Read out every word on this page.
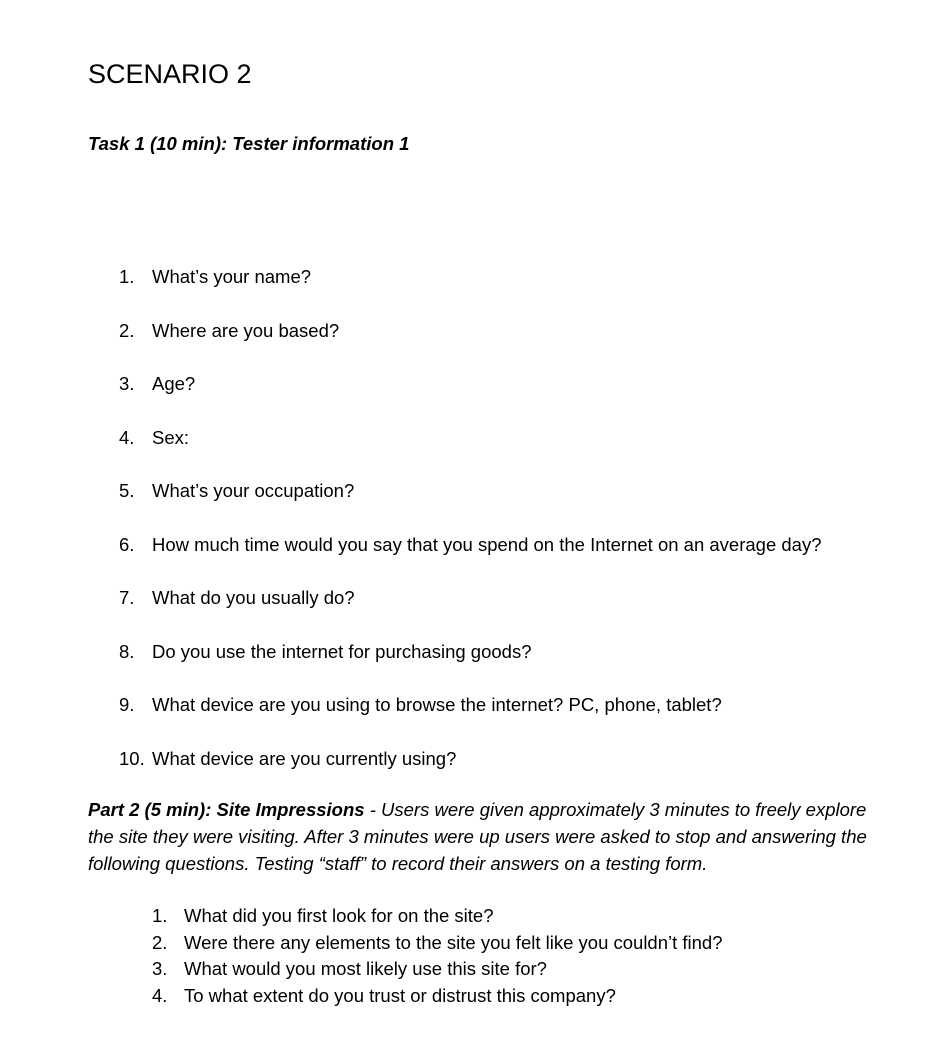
SCENARIO 2

Task 1 (10 min): Tester information 1

1. What’s your name?
2. Where are you based?
3. Age?
4. Sex:
5. What’s your occupation?
6. How much time would you say that you spend on the Internet on an average day?
7. What do you usually do?
8. Do you use the internet for purchasing goods?
9. What device are you using to browse the internet? PC, phone, tablet?
10. What device are you currently using?

Part 2 (5 min): Site Impressions - Users were given approximately 3 minutes to freely explore the site they were visiting. After 3 minutes were up users were asked to stop and answering the following questions. Testing “staff” to record their answers on a testing form.

1. What did you first look for on the site?
2. Were there any elements to the site you felt like you couldn’t find?
3. What would you most likely use this site for?
4. To what extent do you trust or distrust this company?
